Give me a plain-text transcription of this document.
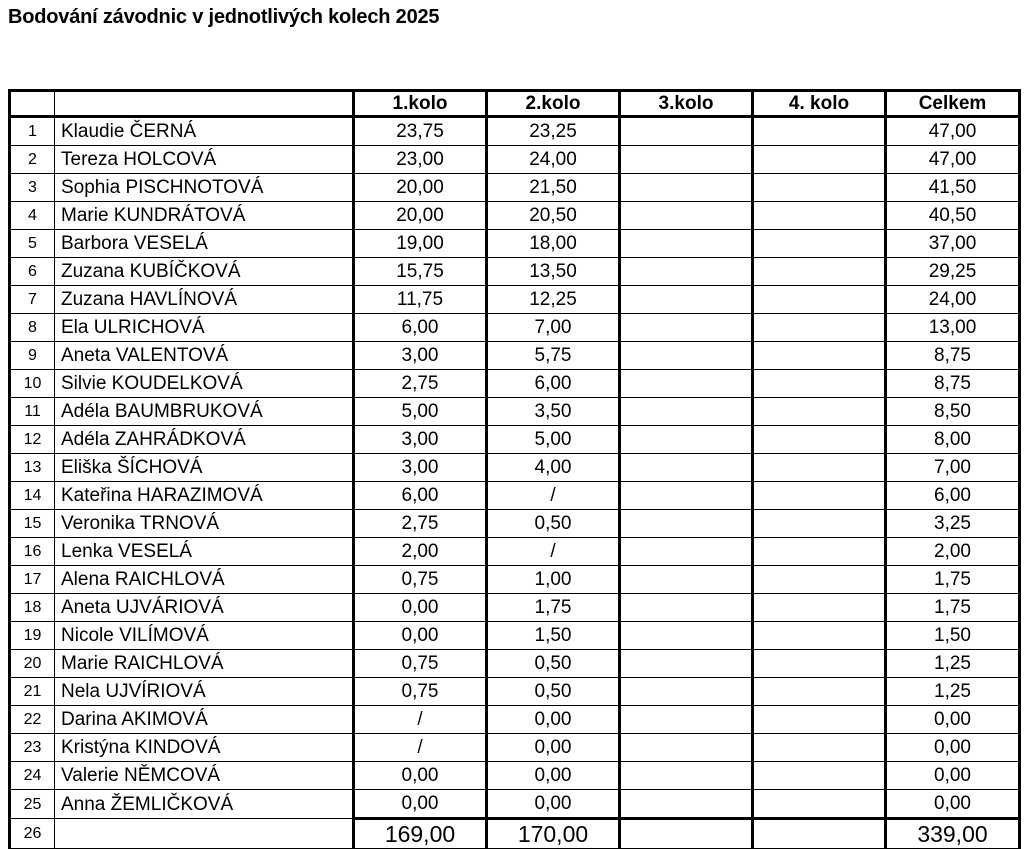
Bodování závodnic v jednotlivých kolech 2025
		1.kolo	2.kolo	3.kolo	4. kolo	Celkem
1	Klaudie ČERNÁ	23,75	23,25			47,00
2	Tereza HOLCOVÁ	23,00	24,00			47,00
3	Sophia PISCHNOTOVÁ	20,00	21,50			41,50
4	Marie KUNDRÁTOVÁ	20,00	20,50			40,50
5	Barbora VESELÁ	19,00	18,00			37,00
6	Zuzana KUBÍČKOVÁ	15,75	13,50			29,25
7	Zuzana HAVLÍNOVÁ	11,75	12,25			24,00
8	Ela ULRICHOVÁ	6,00	7,00			13,00
9	Aneta VALENTOVÁ	3,00	5,75			8,75
10	Silvie KOUDELKOVÁ	2,75	6,00			8,75
11	Adéla BAUMBRUKOVÁ	5,00	3,50			8,50
12	Adéla ZAHRÁDKOVÁ	3,00	5,00			8,00
13	Eliška ŠÍCHOVÁ	3,00	4,00			7,00
14	Kateřina HARAZIMOVÁ	6,00	/			6,00
15	Veronika TRNOVÁ	2,75	0,50			3,25
16	Lenka VESELÁ	2,00	/			2,00
17	Alena RAICHLOVÁ	0,75	1,00			1,75
18	Aneta UJVÁRIOVÁ	0,00	1,75			1,75
19	Nicole VILÍMOVÁ	0,00	1,50			1,50
20	Marie RAICHLOVÁ	0,75	0,50			1,25
21	Nela UJVÍRIOVÁ	0,75	0,50			1,25
22	Darina AKIMOVÁ	/	0,00			0,00
23	Kristýna KINDOVÁ	/	0,00			0,00
24	Valerie NĚMCOVÁ	0,00	0,00			0,00
25	Anna ŽEMLIČKOVÁ	0,00	0,00			0,00
26		169,00	170,00			339,00
